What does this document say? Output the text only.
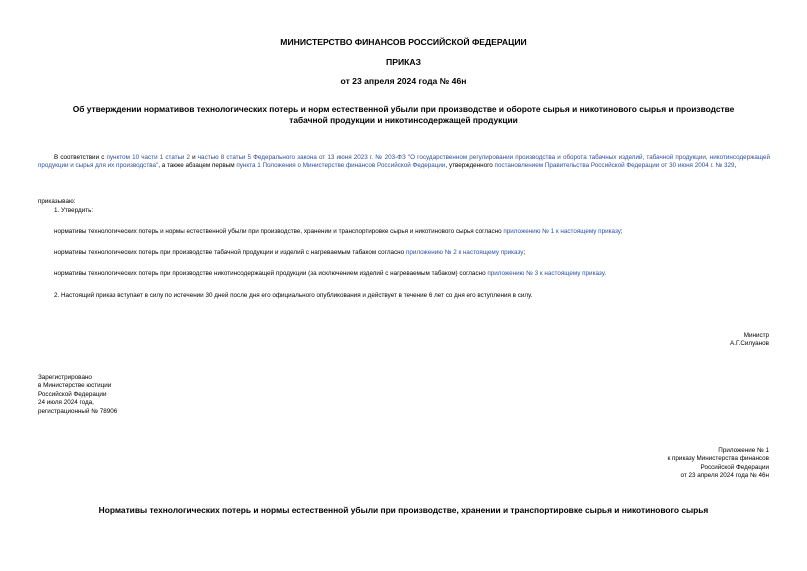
МИНИСТЕРСТВО ФИНАНСОВ РОССИЙСКОЙ ФЕДЕРАЦИИ
ПРИКАЗ
от 23 апреля 2024 года № 46н
Об утверждении нормативов технологических потерь и норм естественной убыли при производстве и обороте сырья и никотинового сырья и производстве
табачной продукции и никотинсодержащей продукции
В соответствии с пунктом 10 части 1 статьи 2 и частью 8 статьи 5 Федерального закона от 13 июня 2023 г. № 203-ФЗ "О государственном регулировании производства и оборота табачных изделий, табачной продукции, никотинсодержащей продукции и сырья для их производства", а также абзацем первым пункта 1 Положения о Министерстве финансов Российской Федерации, утвержденного постановлением Правительства Российской Федерации от 30 июня 2004 г. № 329,
приказываю:
1. Утвердить:
нормативы технологических потерь и нормы естественной убыли при производстве, хранении и транспортировке сырья и никотинового сырья согласно приложению № 1 к настоящему приказу;
нормативы технологических потерь при производстве табачной продукции и изделий с нагреваемым табаком согласно приложению № 2 к настоящему приказу;
нормативы технологических потерь при производстве никотинсодержащей продукции (за исключением изделий с нагреваемым табаком) согласно приложению № 3 к настоящему приказу.
2. Настоящий приказ вступает в силу по истечении 30 дней после дня его официального опубликования и действует в течение 6 лет со дня его вступления в силу.
Министр
А.Г.Силуанов
Зарегистрировано
в Министерстве юстиции
Российской Федерации
24 июля 2024 года,
регистрационный № 78906
Приложение № 1
к приказу Министерства финансов
Российской Федерации
от 23 апреля 2024 года № 46н
Нормативы технологических потерь и нормы естественной убыли при производстве, хранении и транспортировке сырья и никотинового сырья
